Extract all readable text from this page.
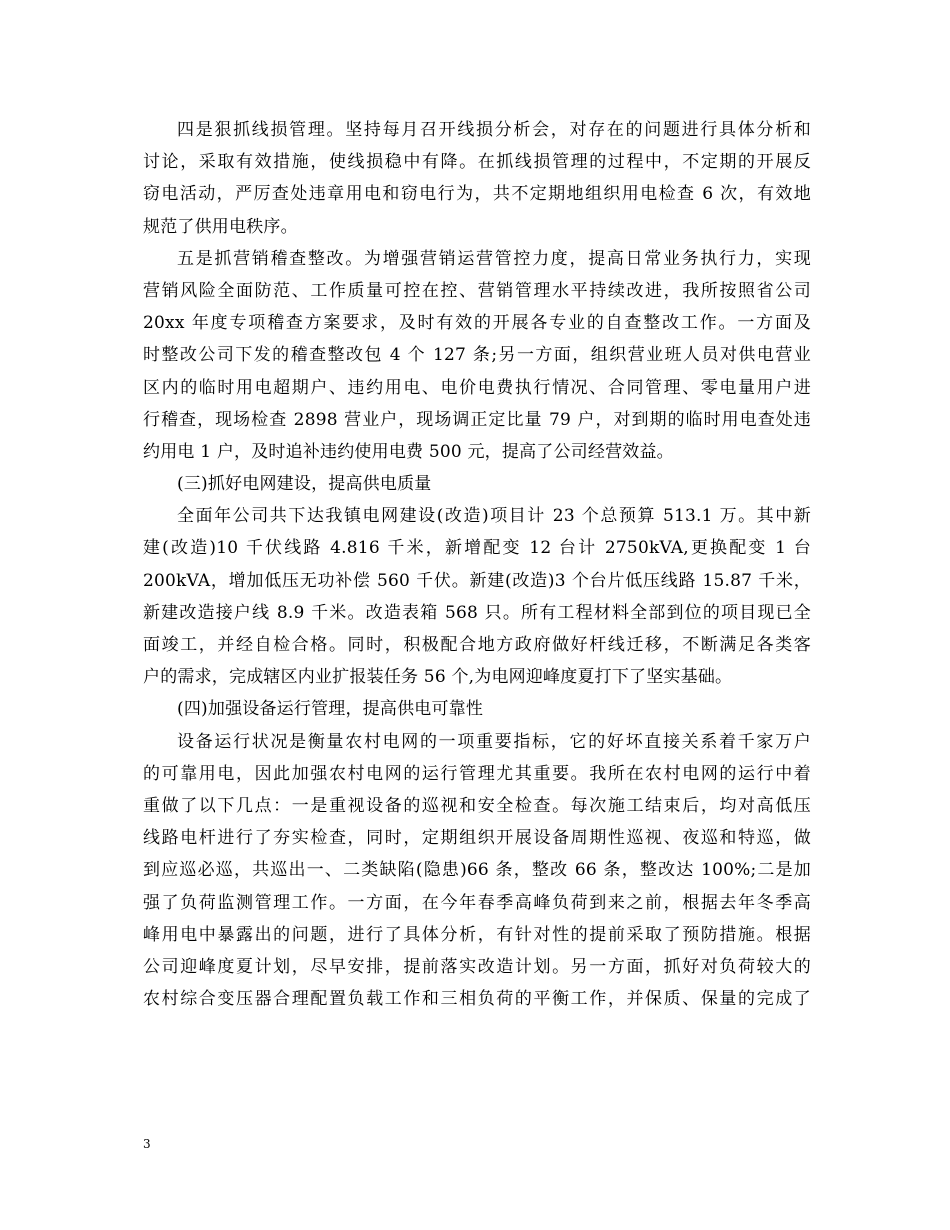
四是狠抓线损管理。坚持每月召开线损分析会，对存在的问题进行具体分析和
讨论，采取有效措施，使线损稳中有降。在抓线损管理的过程中，不定期的开展反
窃电活动，严厉查处违章用电和窃电行为，共不定期地组织用电检查 6 次，有效地
规范了供用电秩序。
五是抓营销稽查整改。为增强营销运营管控力度，提高日常业务执行力，实现
营销风险全面防范、工作质量可控在控、营销管理水平持续改进，我所按照省公司
20xx 年度专项稽查方案要求，及时有效的开展各专业的自查整改工作。一方面及
时整改公司下发的稽查整改包 4 个 127 条;另一方面，组织营业班人员对供电营业
区内的临时用电超期户、违约用电、电价电费执行情况、合同管理、零电量用户进
行稽查，现场检查 2898 营业户，现场调正定比量 79 户，对到期的临时用电查处违
约用电 1 户，及时追补违约使用电费 500 元，提高了公司经营效益。
(三)抓好电网建设，提高供电质量
全面年公司共下达我镇电网建设(改造)项目计 23 个总预算 513.1 万。其中新
建(改造)10 千伏线路 4.816 千米，新增配变 12 台计 2750kVA,更换配变 1 台
200kVA，增加低压无功补偿 560 千伏。新建(改造)3 个台片低压线路 15.87 千米，
新建改造接户线 8.9 千米。改造表箱 568 只。所有工程材料全部到位的项目现已全
面竣工，并经自检合格。同时，积极配合地方政府做好杆线迁移，不断满足各类客
户的需求，完成辖区内业扩报装任务 56 个,为电网迎峰度夏打下了坚实基础。
(四)加强设备运行管理，提高供电可靠性
设备运行状况是衡量农村电网的一项重要指标，它的好坏直接关系着千家万户
的可靠用电，因此加强农村电网的运行管理尤其重要。我所在农村电网的运行中着
重做了以下几点：一是重视设备的巡视和安全检查。每次施工结束后，均对高低压
线路电杆进行了夯实检查，同时，定期组织开展设备周期性巡视、夜巡和特巡，做
到应巡必巡，共巡出一、二类缺陷(隐患)66 条，整改 66 条，整改达 100%;二是加
强了负荷监测管理工作。一方面，在今年春季高峰负荷到来之前，根据去年冬季高
峰用电中暴露出的问题，进行了具体分析，有针对性的提前采取了预防措施。根据
公司迎峰度夏计划，尽早安排，提前落实改造计划。另一方面，抓好对负荷较大的
农村综合变压器合理配置负载工作和三相负荷的平衡工作，并保质、保量的完成了
3
